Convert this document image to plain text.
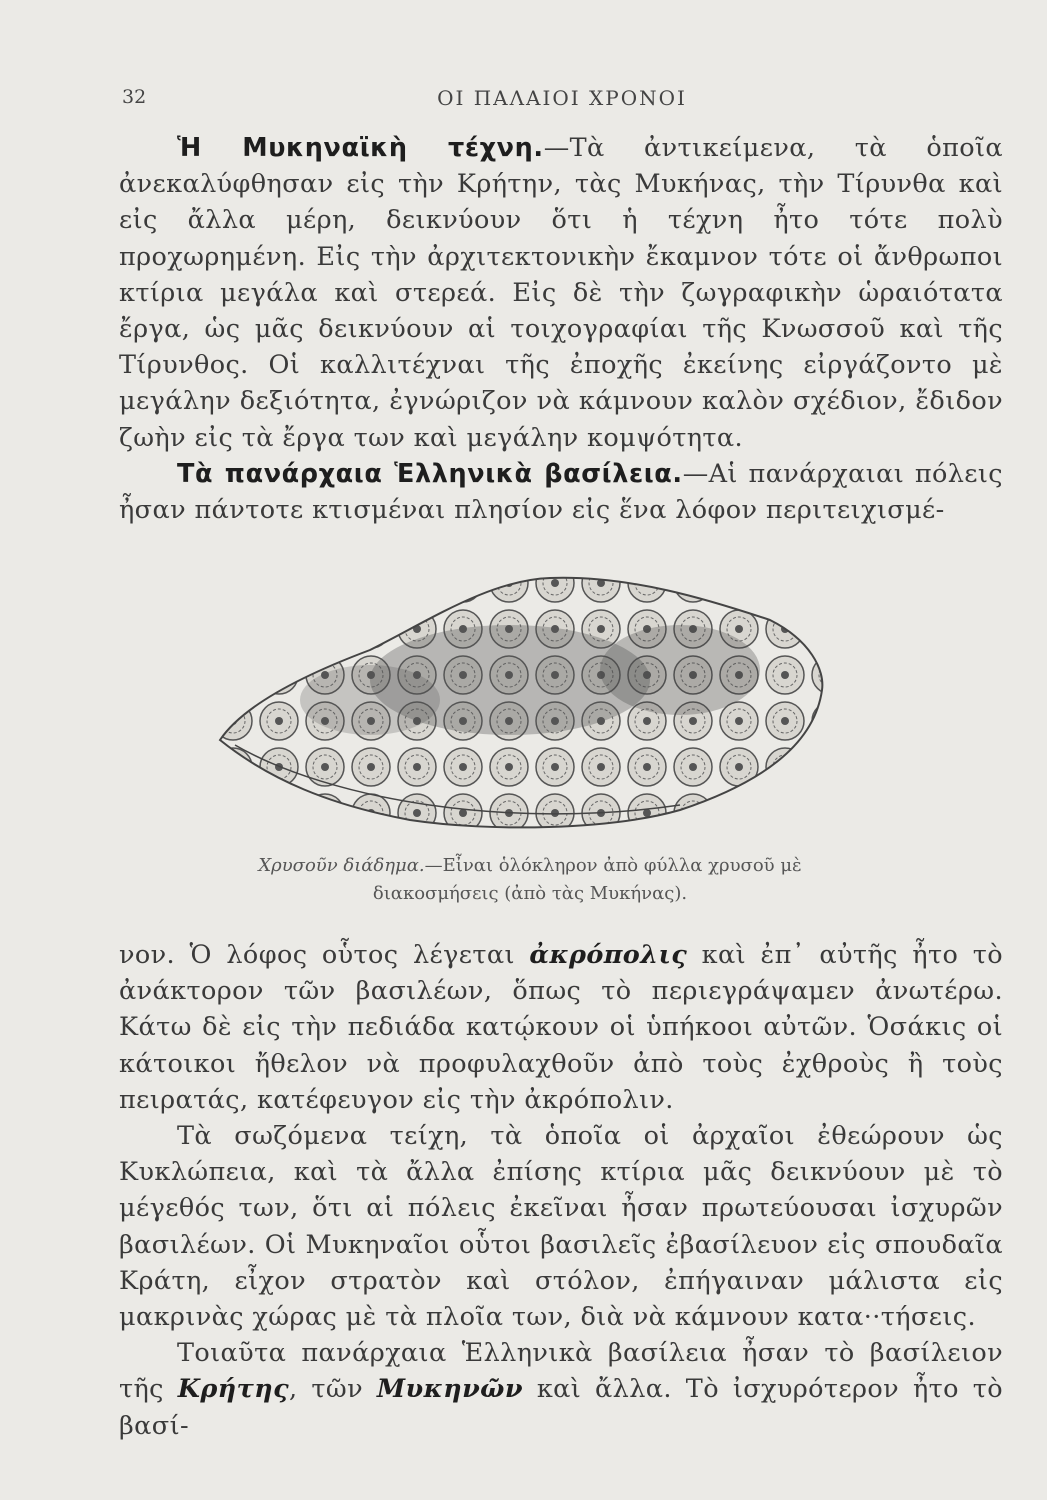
32	ΟΙ ΠΑΛΑΙΟΙ ΧΡΟΝΟΙ

Ἡ Μυκηναϊκὴ τέχνη.—Τὰ ἀντικείμενα, τὰ ὁποῖα ἀνεκαλύφθησαν εἰς τὴν Κρήτην, τὰς Μυκήνας, τὴν Τίρυνθα καὶ εἰς ἄλλα μέρη, δεικνύουν ὅτι ἡ τέχνη ἦτο τότε πολὺ προχωρημένη. Εἰς τὴν ἀρχιτεκτονικὴν ἔκαμνον τότε οἱ ἄνθρωποι κτίρια μεγάλα καὶ στερεά. Εἰς δὲ τὴν ζωγραφικὴν ὡραιότατα ἔργα, ὡς μᾶς δεικνύουν αἱ τοιχογραφίαι τῆς Κνωσσοῦ καὶ τῆς Τίρυνθος. Οἱ καλλιτέχναι τῆς ἐποχῆς ἐκείνης εἰργάζοντο μὲ μεγάλην δεξιότητα, ἐγνώριζον νὰ κάμνουν καλὸν σχέδιον, ἔδιδον ζωὴν εἰς τὰ ἔργα των καὶ μεγάλην κομψότητα.

Τὰ πανάρχαια Ἑλληνικὰ βασίλεια.—Αἱ πανάρχαιαι πόλεις ἦσαν πάντοτε κτισμέναι πλησίον εἰς ἕνα λόφον περιτειχισμέ-

Χρυσοῦν διάδημα.—Εἶναι ὁλόκληρον ἀπὸ φύλλα χρυσοῦ μὲ διακοσμήσεις (ἀπὸ τὰς Μυκήνας).

νον. Ὁ λόφος οὗτος λέγεται ἀκρόπολις καὶ ἐπ᾽ αὐτῆς ἦτο τὸ ἀνάκτορον τῶν βασιλέων, ὅπως τὸ περιεγράψαμεν ἀνωτέρω. Κάτω δὲ εἰς τὴν πεδιάδα κατῴκουν οἱ ὑπήκοοι αὐτῶν. Ὁσάκις οἱ κάτοικοι ἤθελον νὰ προφυλαχθοῦν ἀπὸ τοὺς ἐχθροὺς ἢ τοὺς πειρατάς, κατέφευγον εἰς τὴν ἀκρόπολιν.

Τὰ σωζόμενα τείχη, τὰ ὁποῖα οἱ ἀρχαῖοι ἐθεώρουν ὡς Κυκλώπεια, καὶ τὰ ἄλλα ἐπίσης κτίρια μᾶς δεικνύουν μὲ τὸ μέγεθός των, ὅτι αἱ πόλεις ἐκεῖναι ἦσαν πρωτεύουσαι ἰσχυρῶν βασιλέων. Οἱ Μυκηναῖοι οὗτοι βασιλεῖς ἐβασίλευον εἰς σπουδαῖα Κράτη, εἶχον στρατὸν καὶ στόλον, ἐπήγαιναν μάλιστα εἰς μακρινὰς χώρας μὲ τὰ πλοῖα των, διὰ νὰ κάμνουν κατα··τήσεις.

Τοιαῦτα πανάρχαια Ἑλληνικὰ βασίλεια ἦσαν τὸ βασίλειον τῆς Κρήτης, τῶν Μυκηνῶν καὶ ἄλλα. Τὸ ἰσχυρότερον ἦτο τὸ βασί-
